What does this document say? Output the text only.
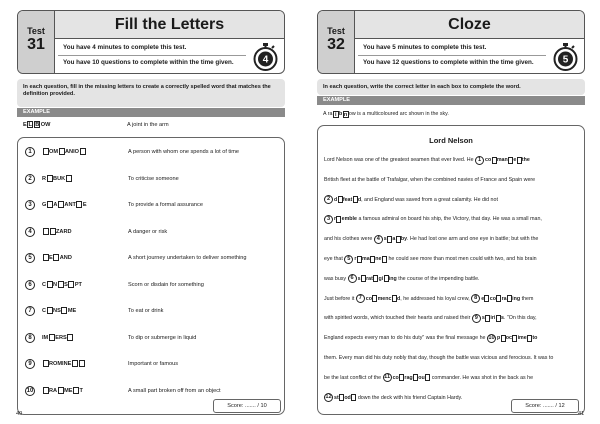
Test
31
Fill the Letters
You have 4 minutes to complete this test.
You have 10 questions to complete within the time given.	4
In each question, fill in the missing letters to create a correctly spelled word that matches the definition provided.
EXAMPLE
E L BOW	A joint in the arm
1	OM ANIO	A person with whom one spends a lot of time
2	R BUK	To criticise someone
3	G A ANT E	To provide a formal assurance
4	ZARD	A danger or risk
5	E AND	A short journey undertaken to deliver something
6	C N S PT	Scorn or disdain for something
7	C NS ME	To eat or drink
8	IM ERS	To dip or submerge in liquid
9	ROMINE	Important or famous
10	RA ME T	A small part broken off from an object
Score: ....... / 10
40
Test
32
Cloze
You have 5 minutes to complete this test.
You have 12 questions to complete within the time given.	5
In each question, write the correct letter in each box to complete the word.
EXAMPLE
A ra i b n ow is a multicoloured arc shown in the sky.
Lord Nelson
Lord Nelson was one of the greatest seamen that ever lived. He 1 co man e the
British fleet at the battle of Trafalgar, when the combined navies of France and Spain were
2 d feat d, and England was saved from a great calamity. He did not
3 r emble a famous admiral on board his ship, the Victory, that day. He was a small man,
and his clothes were 4 s a by. He had lost one arm and one eye in battle; but with the
eye that 5 r ma ne he could see more than most men could with two, and his brain
was busy 6 s rat gi ing the course of the impending battle.
Just before it 7 co menc d, he addressed his loyal crew, 8 e co ra ing them
with spirited words, which touched their hearts and raised their 9 s iri s. "On this day,
England expects every man to do his duty" was the final message he 10 p oc ime to
them. Every man did his duty nobly that day, though the battle was vicious and ferocious. It was to
be the last conflict of the 11 co rag ou commander. He was shot in the back as he
12 st od down the deck with his friend Captain Hardy.
Score: ....... / 12
41
